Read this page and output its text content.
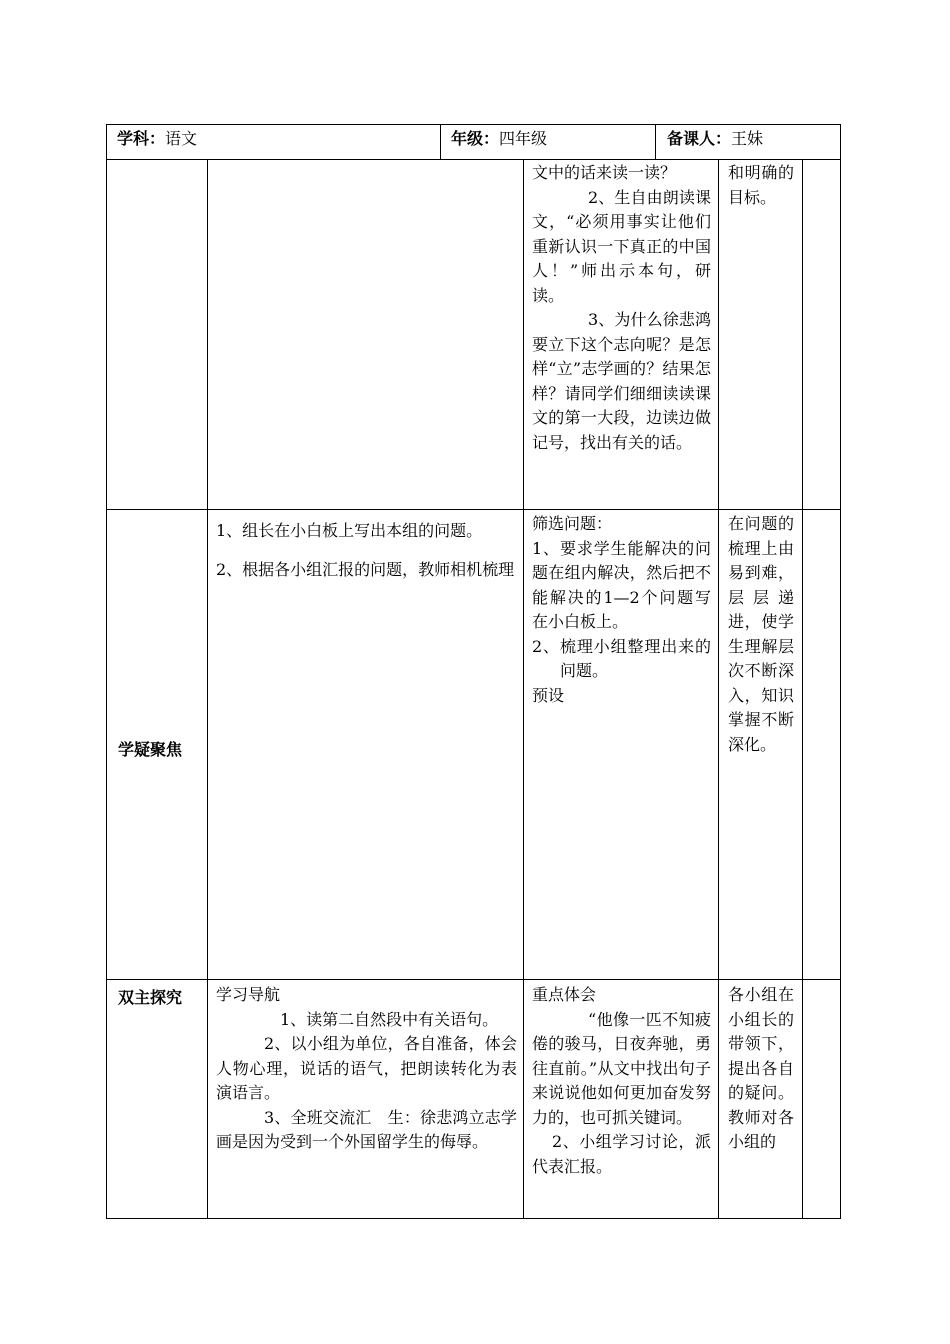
学科：语文	年级：四年级	备课人：王妹

文中的话来读一读？

2、生自由朗读课文，“必须用事实让他们重新认识一下真正的中国人！”师出示本句，研读。

3、为什么徐悲鸿要立下这个志向呢？是怎样“立”志学画的？结果怎样？请同学们细细读读课文的第一大段，边读边做记号，找出有关的话。

和明确的目标。

学疑聚焦

1、组长在小白板上写出本组的问题。

2、根据各小组汇报的问题，教师相机梳理

筛选问题：

1、要求学生能解决的问题在组内解决，然后把不能解决的1—2个问题写在小白板上。

2、梳理小组整理出来的问题。

预设

在问题的梳理上由易到难，层层递进，使学生理解层次不断深入，知识掌握不断深化。

双主探究 学习导航

1、读第二自然段中有关语句。

2、以小组为单位，各自准备，体会人物心理，说话的语气，把朗读转化为表演语言。

3、全班交流汇　生：徐悲鸿立志学画是因为受到一个外国留学生的侮辱。

重点体会

“他像一匹不知疲倦的骏马，日夜奔驰，勇往直前。”从文中找出句子来说说他如何更加奋发努力的，也可抓关键词。

2、小组学习讨论，派代表汇报。

各小组在小组长的带领下，提出各自的疑问。教师对各小组的
